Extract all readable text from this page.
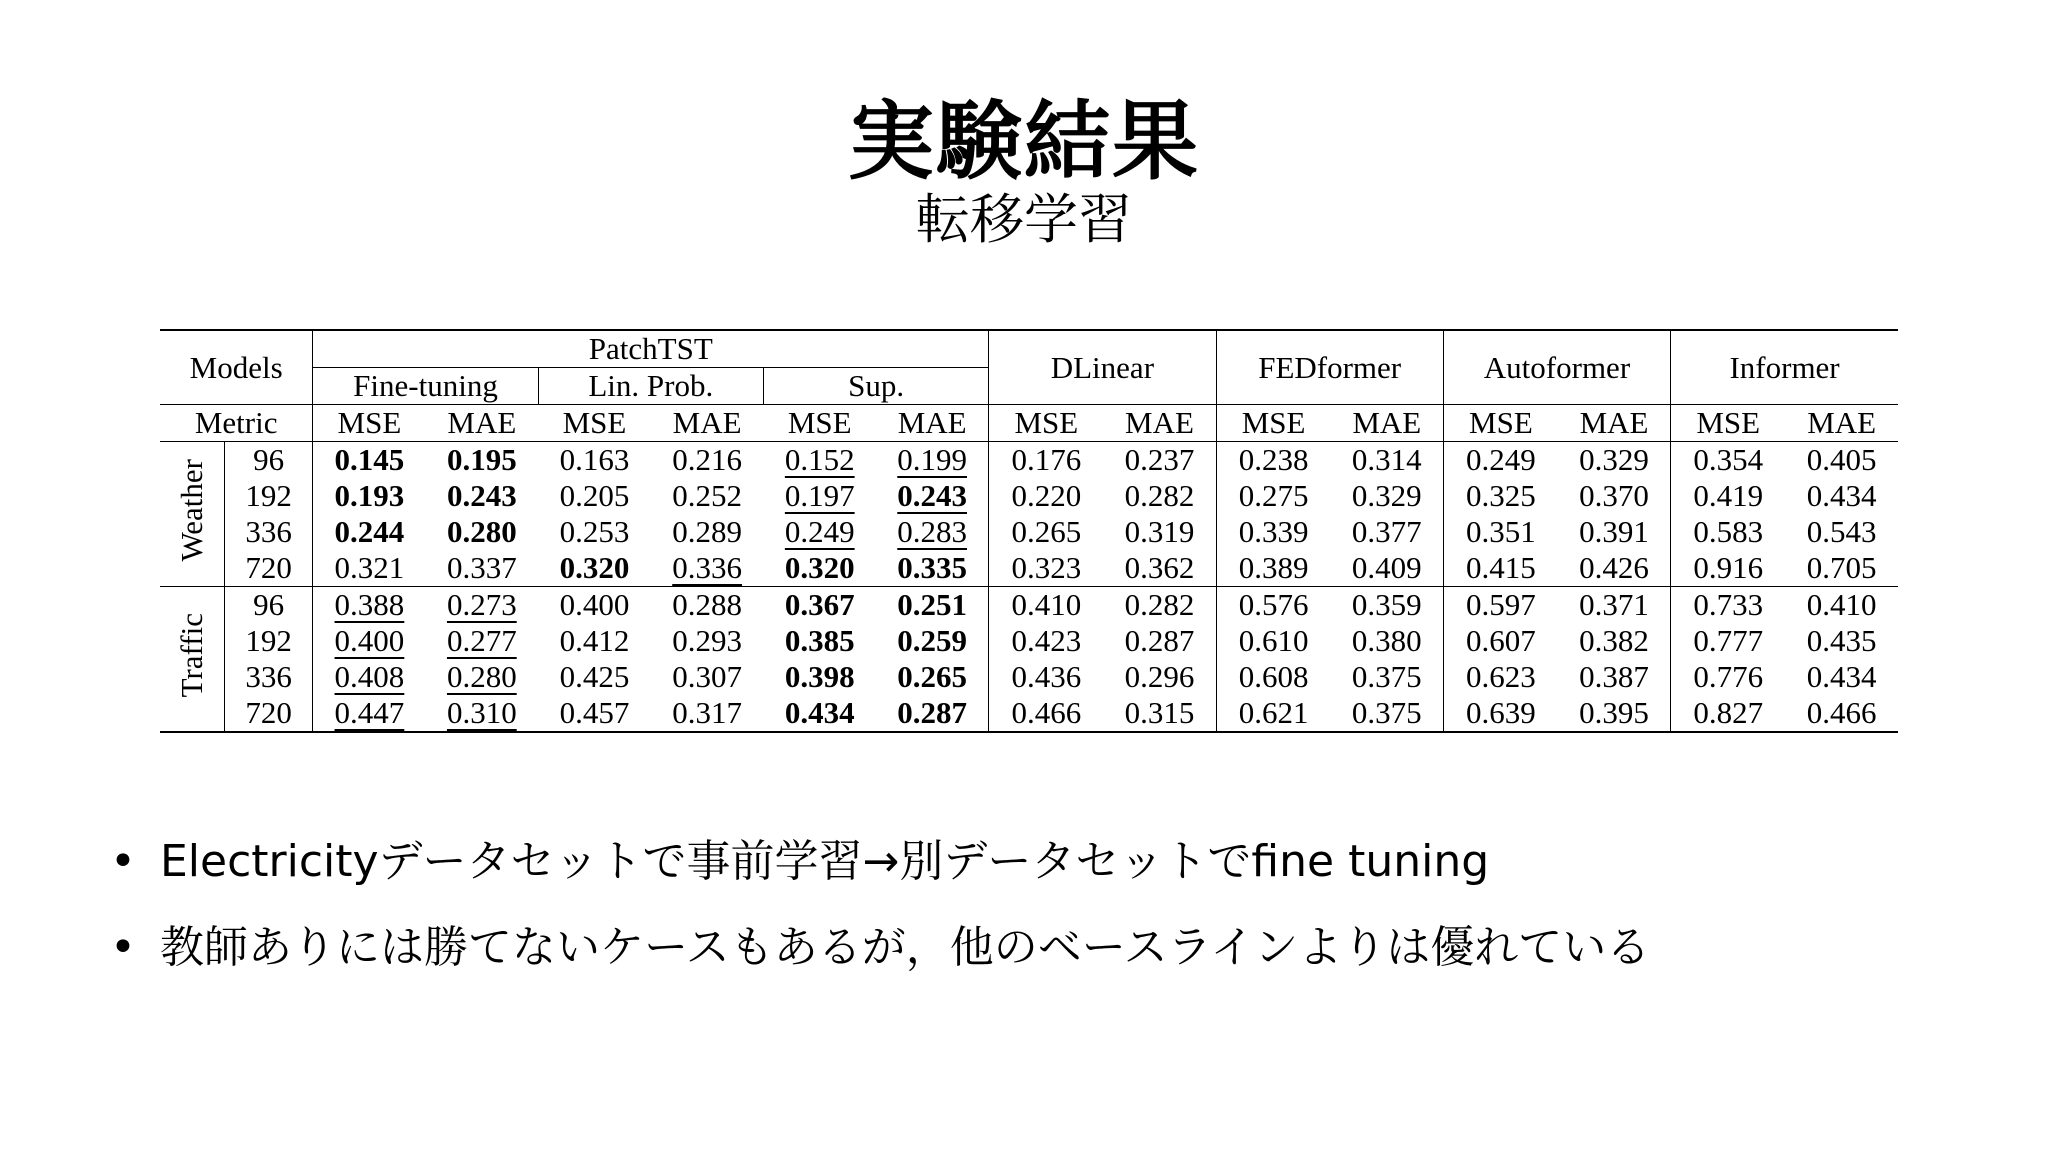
実験結果
転移学習
Models		PatchTST						DLinear		FEDformer		Autoformer		Informer	
		Fine-tuning		Lin. Prob.		Sup.									
Metric		MSE	MAE	MSE	MAE	MSE	MAE	MSE	MAE	MSE	MAE	MSE	MAE	MSE	MAE
Weather	96	0.145	0.195	0.163	0.216	0.152	0.199	0.176	0.237	0.238	0.314	0.249	0.329	0.354	0.405
	192	0.193	0.243	0.205	0.252	0.197	0.243	0.220	0.282	0.275	0.329	0.325	0.370	0.419	0.434
	336	0.244	0.280	0.253	0.289	0.249	0.283	0.265	0.319	0.339	0.377	0.351	0.391	0.583	0.543
	720	0.321	0.337	0.320	0.336	0.320	0.335	0.323	0.362	0.389	0.409	0.415	0.426	0.916	0.705
Traffic	96	0.388	0.273	0.400	0.288	0.367	0.251	0.410	0.282	0.576	0.359	0.597	0.371	0.733	0.410
	192	0.400	0.277	0.412	0.293	0.385	0.259	0.423	0.287	0.610	0.380	0.607	0.382	0.777	0.435
	336	0.408	0.280	0.425	0.307	0.398	0.265	0.436	0.296	0.608	0.375	0.623	0.387	0.776	0.434
	720	0.447	0.310	0.457	0.317	0.434	0.287	0.466	0.315	0.621	0.375	0.639	0.395	0.827	0.466
• Electricityデータセットで事前学習→別データセットでfine tuning
• 教師ありには勝てないケースもあるが，他のベースラインよりは優れている
